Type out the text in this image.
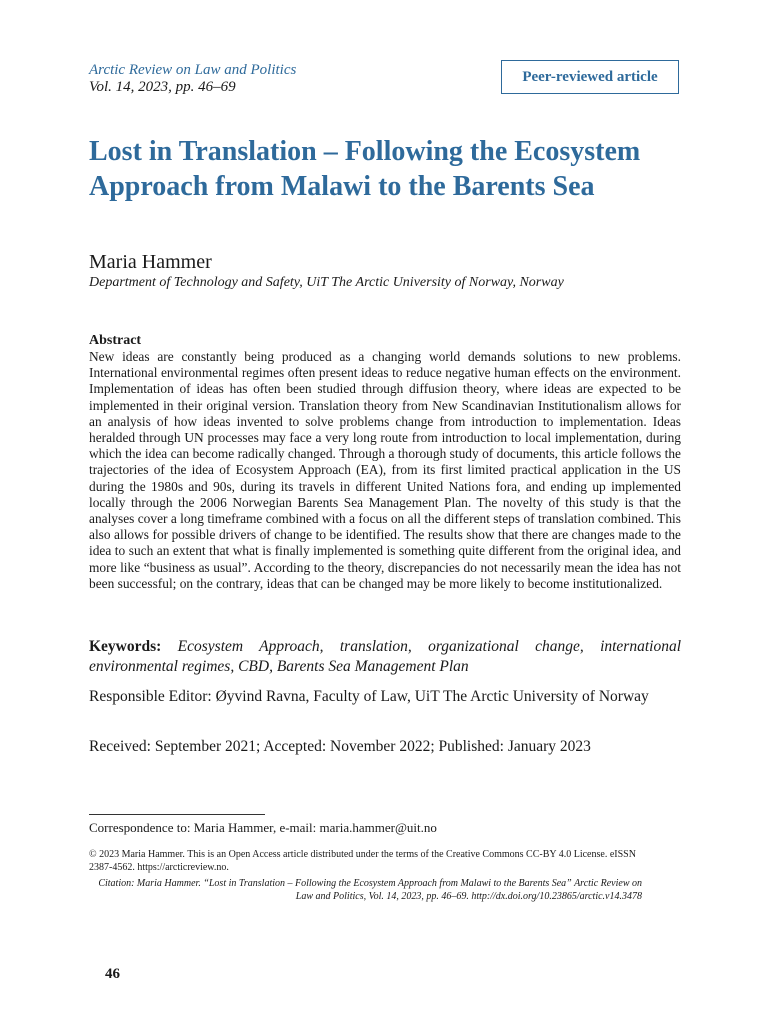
Arctic Review on Law and Politics
Vol. 14, 2023, pp. 46–69
Peer-reviewed article
Lost in Translation – Following the Ecosystem Approach from Malawi to the Barents Sea
Maria Hammer
Department of Technology and Safety, UiT The Arctic University of Norway, Norway
Abstract

New ideas are constantly being produced as a changing world demands solutions to new problems. International environmental regimes often present ideas to reduce negative human effects on the environment. Implementation of ideas has often been studied through diffusion theory, where ideas are expected to be implemented in their original version. Translation theory from New Scandinavian Institutionalism allows for an analysis of how ideas invented to solve problems change from introduction to implementation. Ideas heralded through UN processes may face a very long route from introduction to local implementation, during which the idea can become radically changed. Through a thorough study of documents, this article follows the trajectories of the idea of Ecosystem Approach (EA), from its first limited practical application in the US during the 1980s and 90s, during its travels in different United Nations fora, and ending up implemented locally through the 2006 Norwegian Barents Sea Management Plan. The novelty of this study is that the analyses cover a long timeframe combined with a focus on all the different steps of translation combined. This also allows for possible drivers of change to be identified. The results show that there are changes made to the idea to such an extent that what is finally implemented is something quite different from the original idea, and more like “business as usual”. According to the theory, discrepancies do not necessarily mean the idea has not been successful; on the contrary, ideas that can be changed may be more likely to become institutionalized.

Keywords: Ecosystem Approach, translation, organizational change, international environmental regimes, CBD, Barents Sea Management Plan

Responsible Editor: Øyvind Ravna, Faculty of Law, UiT The Arctic University of Norway

Received: September 2021; Accepted: November 2022; Published: January 2023
Correspondence to: Maria Hammer, e-mail: maria.hammer@uit.no

© 2023 Maria Hammer. This is an Open Access article distributed under the terms of the Creative Commons CC-BY 4.0 License. eISSN 2387-4562. https://arcticreview.no.

Citation: Maria Hammer. “Lost in Translation – Following the Ecosystem Approach from Malawi to the Barents Sea” Arctic Review on Law and Politics, Vol. 14, 2023, pp. 46–69. http://dx.doi.org/10.23865/arctic.v14.3478

46
